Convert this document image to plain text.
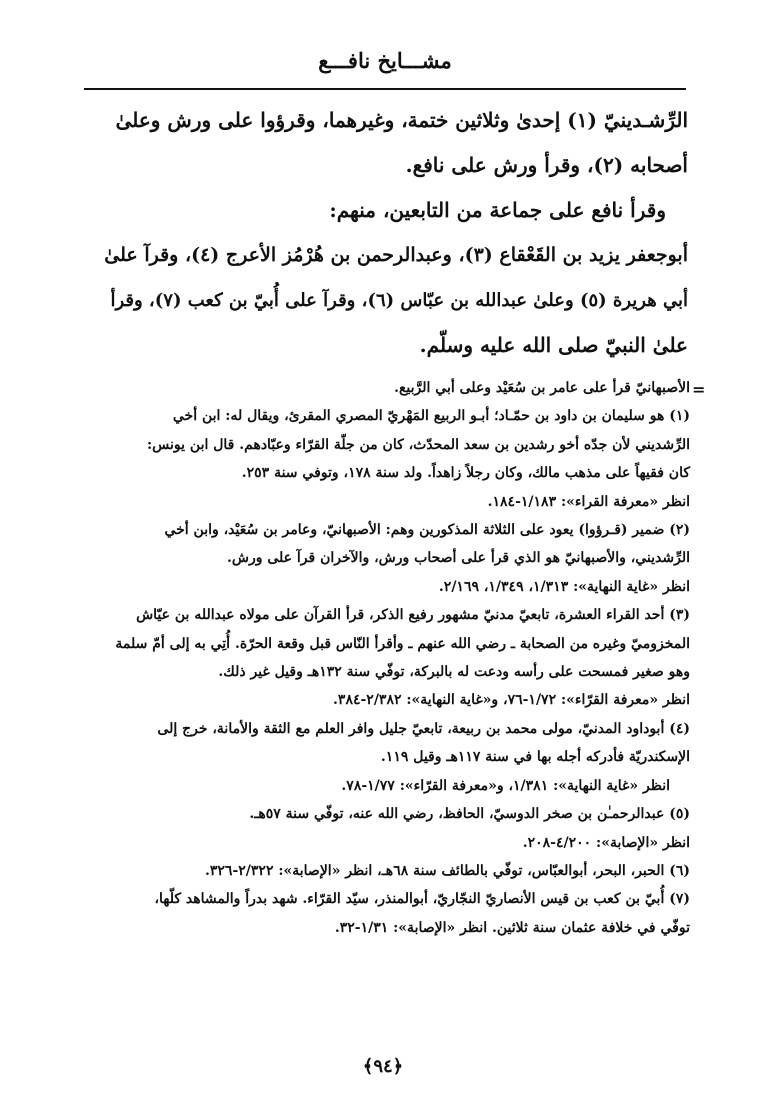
مشـــايخ نافـــع

الرِّشـدينيّ (١) إحدىٰ وثلاثين ختمة، وغيرهما، وقرؤوا على ورش وعلىٰ

أصحابه (٢)، وقرأ ورش على نافع.

وقرأ نافع على جماعة من التابعين، منهم:

أبوجعفر يزيد بن القَعْقاع (٣)، وعبدالرحمن بن هُرْمُز الأعرج (٤)، وقرآ علىٰ

أبي هريرة (٥) وعلىٰ عبدالله بن عبّاس (٦)، وقرآ على أُبيّ بن كعب (٧)، وقرأ

علىٰ النبيّ صلى الله عليه وسلّم.

=

الأصبهانيّ قرأ على عامر بن سُعَيْد وعلى أبي الرَّبيع.

(١) هو سليمان بن داود بن حمّـاد؛ أبـو الربيع المَهْريّ المصري المقرئ، ويقال له: ابن أخي

الرِّشديني لأن جدّه أخو رشدين بن سعد المحدّث، كان من جلّة القرّاء وعبّادهم. قال ابن يونس:

كان فقيهاً على مذهب مالك، وكان رجلاً زاهداً. ولد سنة ١٧٨، وتوفي سنة ٢٥٣.

انظر «معرفة القراء»: ١/١٨٣-١٨٤.

(٢) ضمير (قـرؤوا) يعود على الثلاثة المذكورين وهم: الأصبهانيّ، وعامر بن سُعَيْد، وابن أخي

الرِّشديني، والأصبهانيّ هو الذي قرأ على أصحاب ورش، والآخران قرآ على ورش.

انظر «غاية النهاية»: ١/٣١٣، ١/٣٤٩، ٢/١٦٩.

(٣) أحد القراء العشرة، تابعيّ مدنيّ مشهور رفيع الذكر، قرأ القرآن على مولاه عبدالله بن عيّاش

المخزوميّ وغيره من الصحابة ـ رضي الله عنهم ـ وأقرأ النّاس قبل وقعة الحرّة. أُتِي به إلى أمّ سلمة

وهو صغير فمسحت على رأسه ودعت له بالبركة، توفّي سنة ١٣٢هـ وقيل غير ذلك.

انظر «معرفة القرّاء»: ١/٧٢-٧٦، و«غاية النهاية»: ٢/٣٨٢-٣٨٤.

(٤) أبوداود المدنيّ، مولى محمد بن ربيعة، تابعيّ جليل وافر العلم مع الثقة والأمانة، خرج إلى

الإسكندريّة فأدركه أجله بها في سنة ١١٧هـ وقيل ١١٩.

انظر «غاية النهاية»: ١/٣٨١، و«معرفة القرّاء»: ١/٧٧-٧٨.

(٥) عبدالرحمـٰن بن صخر الدوسيّ، الحافظ، رضي الله عنه، توفّي سنة ٥٧هـ.

انظر «الإصابة»: ٤/٢٠٠-٢٠٨.

(٦) الحبر، البحر، أبوالعبّاس، توفّي بالطائف سنة ٦٨هـ، انظر «الإصابة»: ٢/٣٢٢-٣٢٦.

(٧) أُبيّ بن كعب بن قيس الأنصاريّ النجّاريّ، أبوالمنذر، سيّد القرّاء. شهد بدراً والمشاهد كلّها،

توفّي في خلافة عثمان سنة ثلاثين. انظر «الإصابة»: ١/٣١-٣٢.

﴿٩٤﴾
